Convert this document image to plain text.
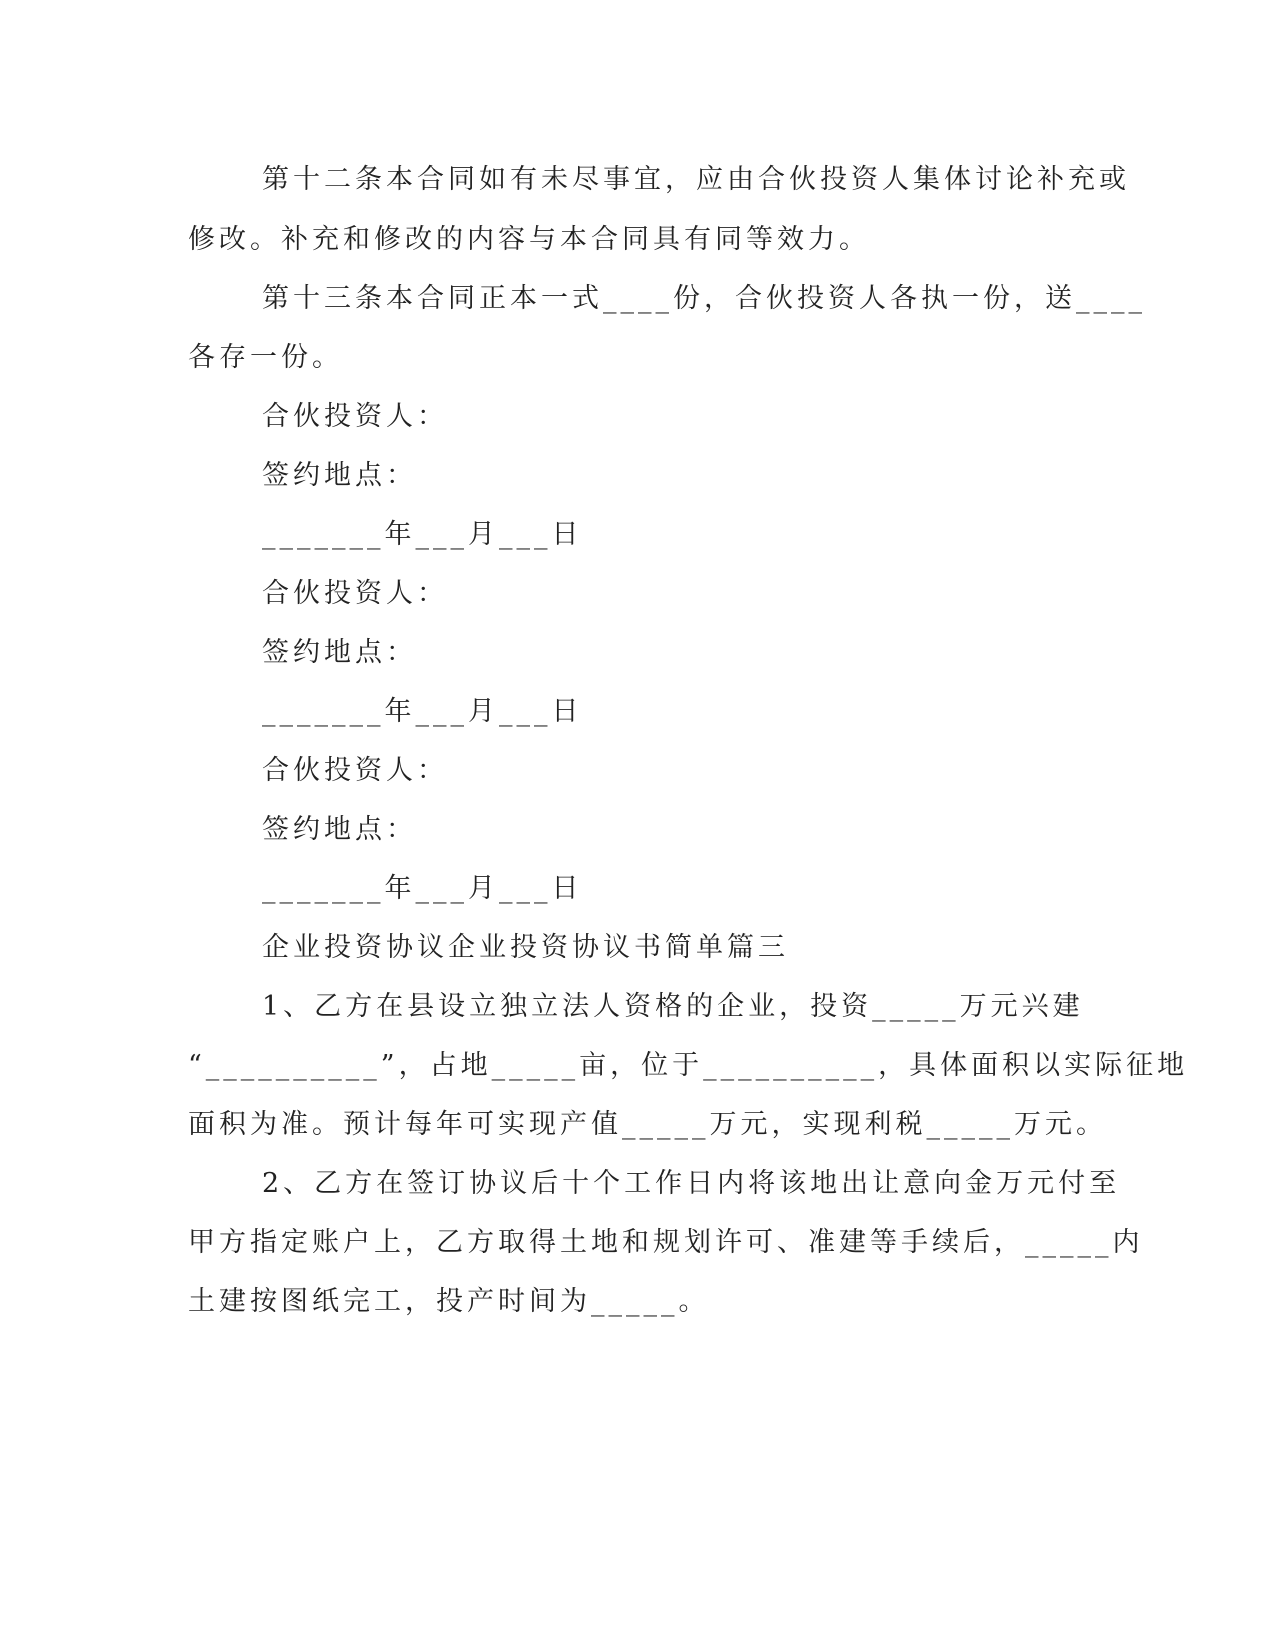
第十二条本合同如有未尽事宜，应由合伙投资人集体讨论补充或
修改。补充和修改的内容与本合同具有同等效力。
第十三条本合同正本一式____份，合伙投资人各执一份，送____
各存一份。
合伙投资人：
签约地点：
_______年___月___日
合伙投资人：
签约地点：
_______年___月___日
合伙投资人：
签约地点：
_______年___月___日
企业投资协议企业投资协议书简单篇三
1、乙方在县设立独立法人资格的企业，投资_____万元兴建
“__________”，占地_____亩，位于__________，具体面积以实际征地
面积为准。预计每年可实现产值_____万元，实现利税_____万元。
2、乙方在签订协议后十个工作日内将该地出让意向金万元付至
甲方指定账户上，乙方取得土地和规划许可、准建等手续后，_____内
土建按图纸完工，投产时间为_____。
